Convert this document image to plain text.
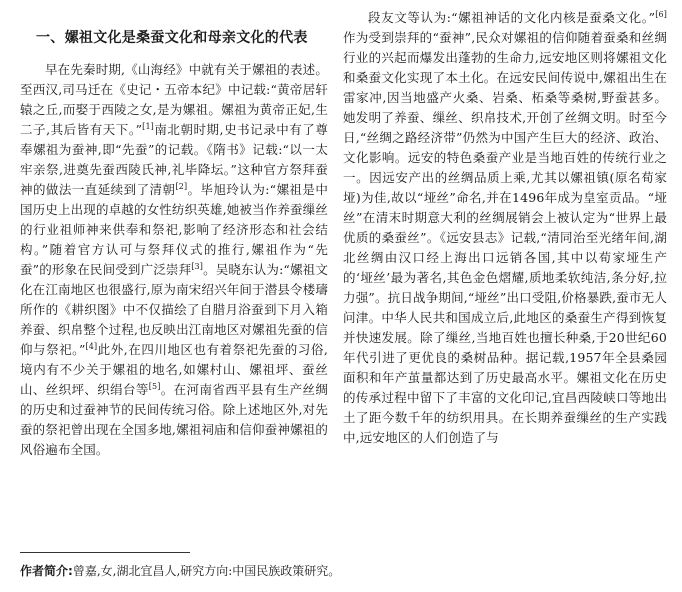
一、嫘祖文化是桑蚕文化和母亲文化的代表

早在先秦时期,《山海经》中就有关于嫘祖的表述。至西汉,司马迁在《史记・五帝本纪》中记载:“黄帝居轩辕之丘,而娶于西陵之女,是为嫘祖。嫘祖为黄帝正妃,生二子,其后皆有天下。”[1]南北朝时期,史书记录中有了尊奉嫘祖为蚕神,即“先蚕”的记载。《隋书》记载:“以一太牢亲祭,进奠先蚕西陵氏神,礼毕降坛。”这种官方祭拜蚕神的做法一直延续到了清朝[2]。毕旭玲认为:“嫘祖是中国历史上出现的卓越的女性纺织英雄,她被当作养蚕缫丝的行业祖师神来供奉和祭祀,影响了经济形态和社会结构。”随着官方认可与祭拜仪式的推行,嫘祖作为“先蚕”的形象在民间受到广泛崇拜[3]。吴晓东认为:“嫘祖文化在江南地区也很盛行,原为南宋绍兴年间于潜县令楼璹所作的《耕织图》中不仅描绘了自腊月浴蚕到下月入箱养蚕、织帛整个过程,也反映出江南地区对嫘祖先蚕的信仰与祭祀。”[4]此外,在四川地区也有着祭祀先蚕的习俗,境内有不少关于嫘祖的地名,如嫘村山、嫘祖坪、蚕丝山、丝织坪、织绢台等[5]。在河南省西平县有生产丝绸的历史和过蚕神节的民间传统习俗。除上述地区外,对先蚕的祭祀曾出现在全国多地,嫘祖祠庙和信仰蚕神嫘祖的风俗遍布全国。

段友文等认为:“嫘祖神话的文化内核是蚕桑文化。”[6]作为受到崇拜的“蚕神”,民众对嫘祖的信仰随着蚕桑和丝绸行业的兴起而爆发出蓬勃的生命力,远安地区则将嫘祖文化和桑蚕文化实现了本土化。在远安民间传说中,嫘祖出生在雷家冲,因当地盛产火桑、岩桑、柘桑等桑树,野蚕甚多。她发明了养蚕、缫丝、织帛技术,开创了丝绸文明。时至今日,“丝绸之路经济带”仍然为中国产生巨大的经济、政治、文化影响。远安的特色桑蚕产业是当地百姓的传统行业之一。因远安产出的丝绸品质上乘,尤其以嫘祖镇(原名荀家垭)为佳,故以“垭丝”命名,并在1496年成为皇室贡品。“垭丝”在清末时期意大利的丝绸展销会上被认定为“世界上最优质的桑蚕丝”。《远安县志》记载,“清同治至光绪年间,湖北丝绸由汉口经上海出口远销各国,其中以荀家垭生产的‘垭丝’最为著名,其色金色熠耀,质地柔软纯洁,条分好,拉力强”。抗日战争期间,“垭丝”出口受阻,价格暴跌,蚕市无人问津。中华人民共和国成立后,此地区的桑蚕生产得到恢复并快速发展。除了缫丝,当地百姓也擅长种桑,于20世纪60年代引进了更优良的桑树品种。据记载,1957年全县桑园面积和年产茧量都达到了历史最高水平。嫘祖文化在历史的传承过程中留下了丰富的文化印记,宜昌西陵峡口等地出土了距今数千年的纺织用具。在长期养蚕缫丝的生产实践中,远安地区的人们创造了与

作者简介:曾嘉,女,湖北宜昌人,研究方向:中国民族政策研究。
